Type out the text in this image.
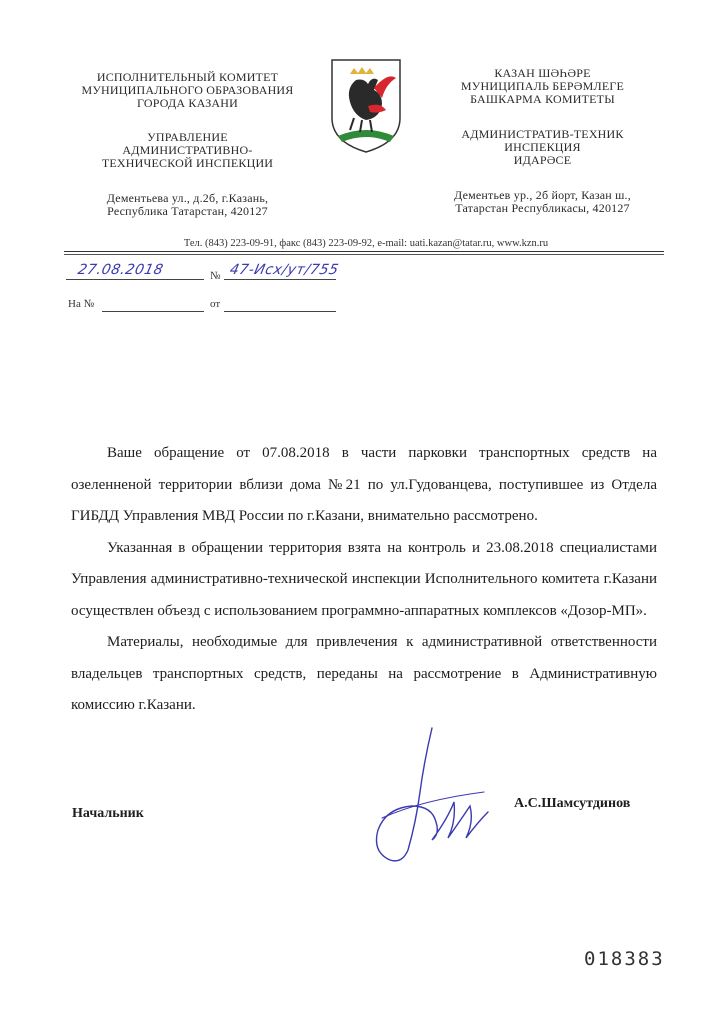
ИСПОЛНИТЕЛЬНЫЙ КОМИТЕТ
МУНИЦИПАЛЬНОГО ОБРАЗОВАНИЯ
ГОРОДА КАЗАНИ
УПРАВЛЕНИЕ
АДМИНИСТРАТИВНО-
ТЕХНИЧЕСКОЙ ИНСПЕКЦИИ
Дементьева ул., д.2б, г.Казань,
Республика Татарстан, 420127
КАЗАН ШӘҺӘРЕ
МУНИЦИПАЛЬ БЕРӘМЛЕГЕ
БАШКАРМА КОМИТЕТЫ
АДМИНИСТРАТИВ-ТЕХНИК
ИНСПЕКЦИЯ
ИДАРӘСЕ
Дементьев ур., 2б йорт, Казан ш.,
Татарстан Республикасы, 420127
Тел. (843) 223-09-91, факс (843) 223-09-92, e-mail: uati.kazan@tatar.ru, www.kzn.ru
27.08.2018	№ 47-Исх/ут/755
На №	от

Ваше обращение от 07.08.2018 в части парковки транспортных средств на озеленненой территории вблизи дома №21 по ул.Гудованцева, поступившее из Отдела ГИБДД Управления МВД России по г.Казани, внимательно рассмотрено.

Указанная в обращении территория взята на контроль и 23.08.2018 специалистами Управления административно-технической инспекции Исполнительного комитета г.Казани осуществлен объезд с использованием программно-аппаратных комплексов «Дозор-МП».

Материалы, необходимые для привлечения к административной ответственности владельцев транспортных средств, переданы на рассмотрение в Административную комиссию г.Казани.

Начальник
А.С.Шамсутдинов
018383
